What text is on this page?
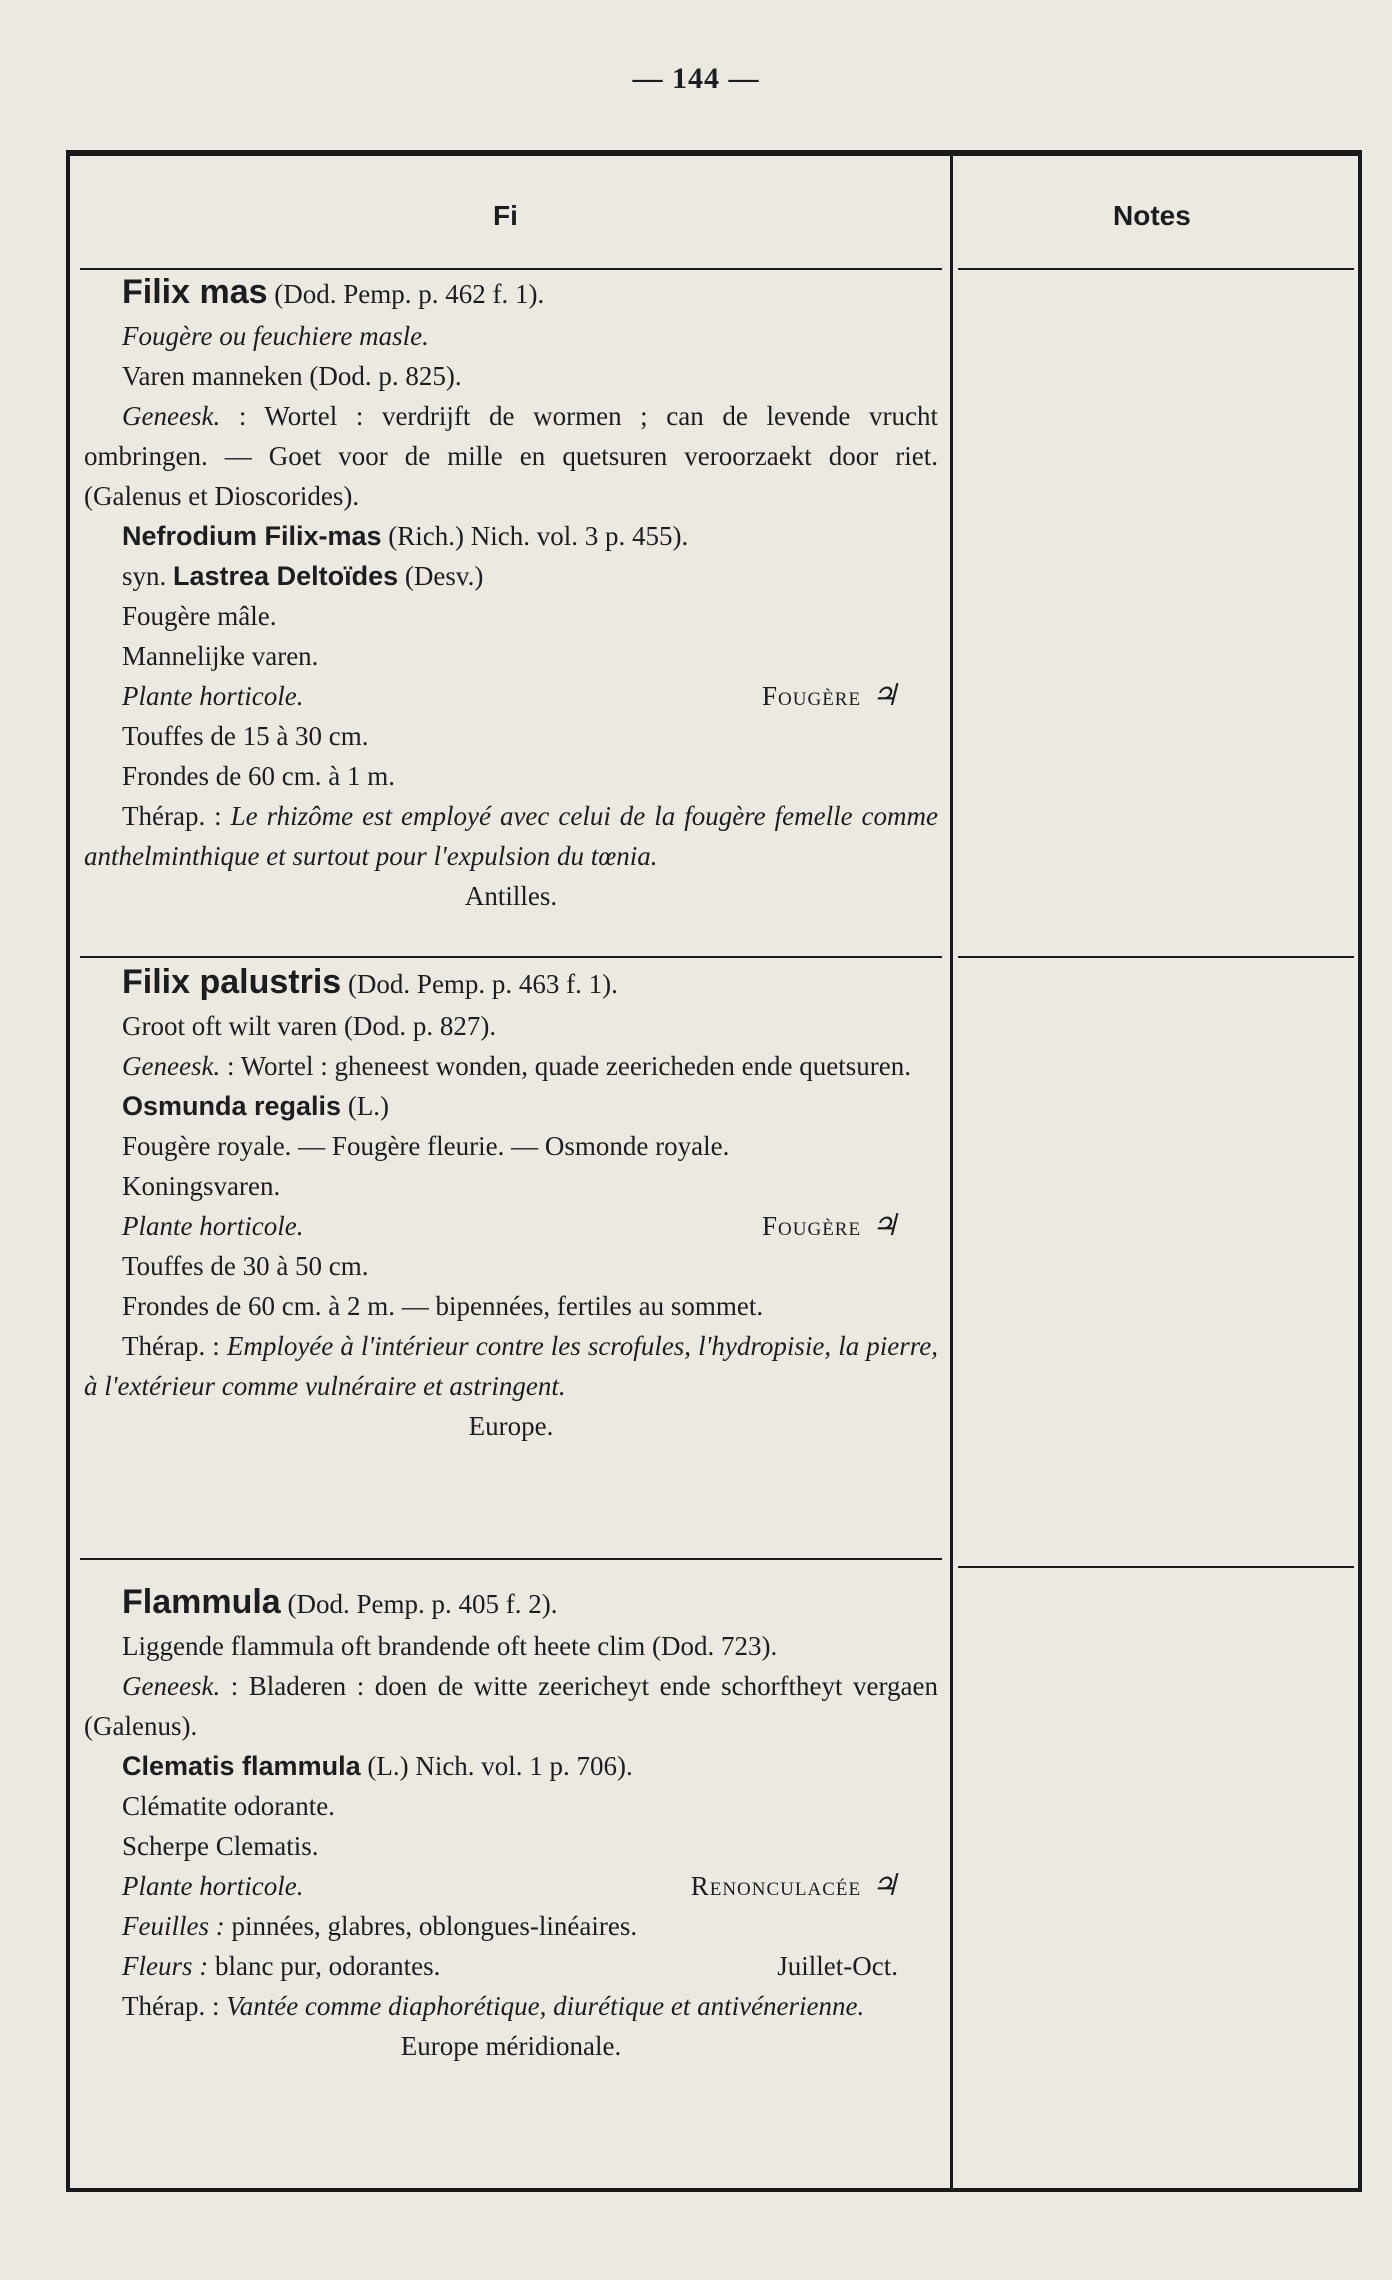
— 144 —
Fi	Notes
Filix mas (Dod. Pemp. p. 462 f. 1).
Fougère ou feuchiere masle.
Varen manneken (Dod. p. 825).
Geneesk. : Wortel : verdrijft de wormen ; can de levende vrucht ombringen. — Goet voor de mille en quetsuren veroorzaekt door riet. (Galenus et Dioscorides).
Nefrodium Filix-mas (Rich.) Nich. vol. 3 p. 455).
syn. Lastrea Deltoïdes (Desv.)
Fougère mâle.
Mannelijke varen.
Plante horticole.	Fougère ♃
Touffes de 15 à 30 cm.
Frondes de 60 cm. à 1 m.
Thérap. : Le rhizôme est employé avec celui de la fougère femelle comme anthelminthique et surtout pour l'expulsion du tœnia.
Antilles.
Filix palustris (Dod. Pemp. p. 463 f. 1).
Groot oft wilt varen (Dod. p. 827).
Geneesk. : Wortel : gheneest wonden, quade zeericheden ende quetsuren.
Osmunda regalis (L.)
Fougère royale. — Fougère fleurie. — Osmonde royale.
Koningsvaren.
Plante horticole.	Fougère ♃
Touffes de 30 à 50 cm.
Frondes de 60 cm. à 2 m. — bipennées, fertiles au sommet.
Thérap. : Employée à l'intérieur contre les scrofules, l'hydropisie, la pierre, à l'extérieur comme vulnéraire et astringent.
Europe.
Flammula (Dod. Pemp. p. 405 f. 2).
Liggende flammula oft brandende oft heete clim (Dod. 723).
Geneesk. : Bladeren : doen de witte zeericheyt ende schorftheyt vergaen (Galenus).
Clematis flammula (L.) Nich. vol. 1 p. 706).
Clématite odorante.
Scherpe Clematis.
Plante horticole.	Renonculacée ♃
Feuilles : pinnées, glabres, oblongues-linéaires.
Fleurs : blanc pur, odorantes.	Juillet-Oct.
Thérap. : Vantée comme diaphorétique, diurétique et antivénerienne.
Europe méridionale.
